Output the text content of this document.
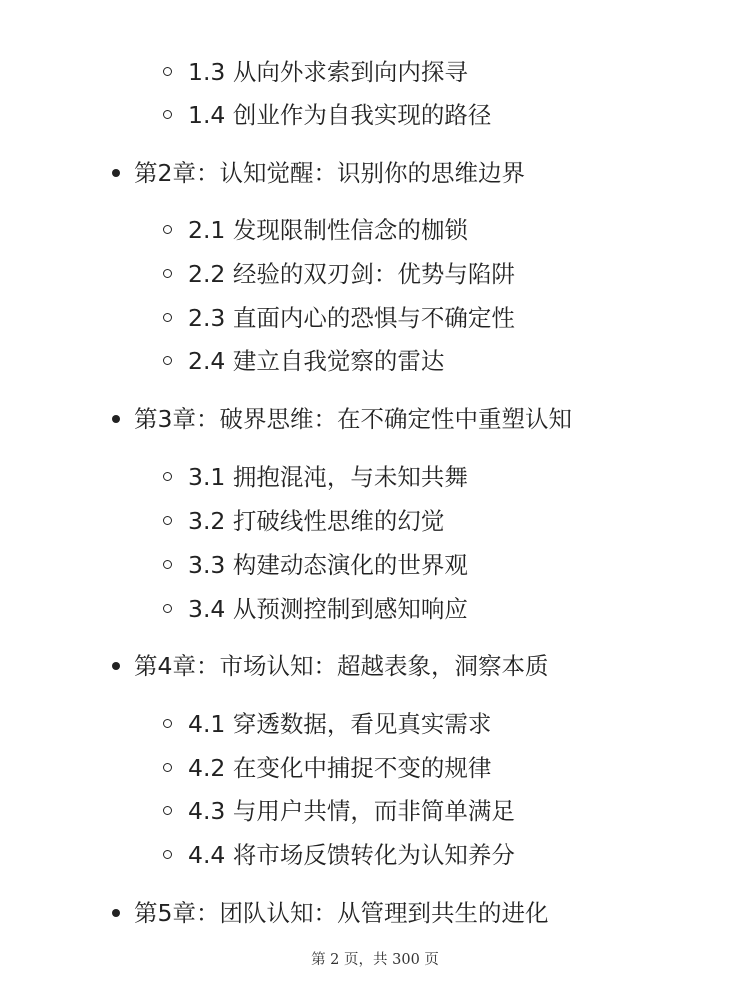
1.3 从向外求索到向内探寻
1.4 创业作为自我实现的路径
第2章：认知觉醒：识别你的思维边界
2.1 发现限制性信念的枷锁
2.2 经验的双刃剑：优势与陷阱
2.3 直面内心的恐惧与不确定性
2.4 建立自我觉察的雷达
第3章：破界思维：在不确定性中重塑认知
3.1 拥抱混沌，与未知共舞
3.2 打破线性思维的幻觉
3.3 构建动态演化的世界观
3.4 从预测控制到感知响应
第4章：市场认知：超越表象，洞察本质
4.1 穿透数据，看见真实需求
4.2 在变化中捕捉不变的规律
4.3 与用户共情，而非简单满足
4.4 将市场反馈转化为认知养分
第5章：团队认知：从管理到共生的进化
第 2 页，共 300 页
